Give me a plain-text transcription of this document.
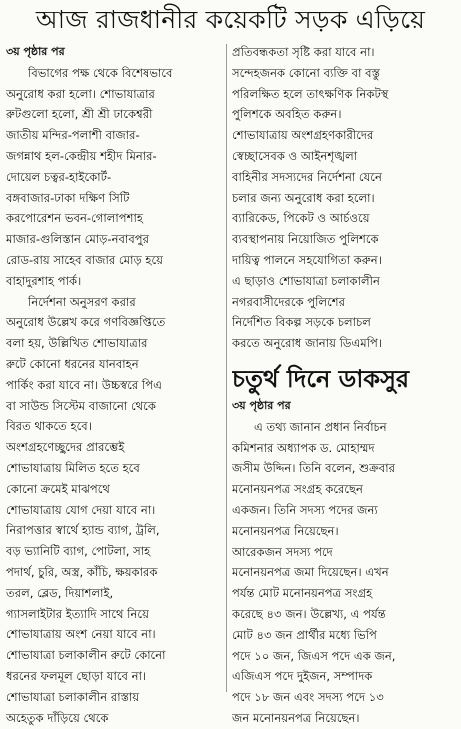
আজ রাজধানীর কয়েকটি সড়ক এড়িয়ে
৩য় পৃষ্ঠার পর
বিভাগের পক্ষ থেকে বিশেষভাবে
অনুরোধ করা হলো। শোভাযাত্রার
রুটগুলো হলো, শ্রী শ্রী ঢাকেশ্বরী
জাতীয় মন্দির-পলাশী বাজার-
জগন্নাথ হল-কেন্দ্রীয় শহীদ মিনার-
দোয়েল চত্বর-হাইকোর্ট-
বঙ্গবাজার-ঢাকা দক্ষিণ সিটি
করপোরেশন ভবন-গোলাপশাহ
মাজার-গুলিস্তান মোড়-নবাবপুর
রোড-রায় সাহেব বাজার মোড় হয়ে
বাহাদুরশাহ পার্ক।
নির্দেশনা অনুসরণ করার
অনুরোধ উল্লেখ করে গণবিজ্ঞপ্তিতে
বলা হয়, উল্লিখিত শোভাযাত্রার
রুটে কোনো ধরনের যানবাহন
পার্কিং করা যাবে না। উচ্চস্বরে পিএ
বা সাউন্ড সিস্টেম বাজানো থেকে
বিরত থাকতে হবে।
অংশগ্রহণেচ্ছুদের প্রারম্ভেই
শোভাযাত্রায় মিলিত হতে হবে
কোনো ক্রমেই মাঝপথে
শোভাযাত্রায় যোগ দেয়া যাবে না।
নিরাপত্তার স্বার্থে হ্যান্ড ব্যাগ, ট্রলি,
বড় ভ্যানিটি ব্যাগ, পোটলা, সাহ
পদার্থ, চুরি, অস্ত্র, কাঁচি, ক্ষয়কারক
তরল, ব্লেড, দিয়াশলাই,
গ্যাসলাইটার ইত্যাদি সাথে নিয়ে
শোভাযাত্রায় অংশ নেয়া যাবে না।
শোভাযাত্রা চলাকালীন রুটে কোনো
ধরনের ফলমূল ছোড়া যাবে না।
শোভাযাত্রা চলাকালীন রাস্তায়
অহেতুক দাঁড়িয়ে থেকে
প্রতিবন্ধকতা সৃষ্টি করা যাবে না।
সন্দেহজনক কোনো ব্যক্তি বা বস্তু
পরিলক্ষিত হলে তাৎক্ষণিক নিকটস্থ
পুলিশকে অবহিত করুন।
শোভাযাত্রায় অংশগ্রহণকারীদের
স্বেচ্ছাসেবক ও আইনশৃঙ্খলা
বাহিনীর সদস্যদের নির্দেশনা যেনে
চলার জন্য অনুরোধ করা হলো।
ব্যারিকেড, পিকেট ও আর্চওয়ে
ব্যবস্থাপনায় নিয়োজিত পুলিশকে
দায়িত্ব পালনে সহযোগিতা করুন।
এ ছাড়াও শোভাযাত্রা চলাকালীন
নগরবাসীদেরকে পুলিশের
নির্দেশিত বিকল্প সড়কে চলাচল
করতে অনুরোধ জানায় ডিএমপি।
চতুর্থ দিনে ডাকসুর
৩য় পৃষ্ঠার পর
এ তথ্য জানান প্রধান নির্বাচন
কমিশনার অধ্যাপক ড. মোহাম্মদ
জসীম উদ্দিন। তিনি বলেন, শুক্রবার
মনোনয়নপত্র সংগ্রহ করেছেন
একজন। তিনি সদস্য পদের জন্য
মনোনয়নপত্র নিয়েছেন।
আরেকজন সদস্য পদে
মনোনয়নপত্র জমা দিয়েছেন। এখন
পর্যন্ত মোট মনোনয়নপত্র সংগ্রহ
করেছে ৪৩ জন। উল্লেখ্য, এ পর্যন্ত
মোট ৪৩ জন প্রার্থীর মধ্যে ভিপি
পদে ১০ জন, জিএস পদে এক জন,
এজিএস পদে দুইজন, সম্পাদক
পদে ১৮ জন এবং সদস্য পদে ১৩
জন মনোনয়নপত্র নিয়েছেন।
